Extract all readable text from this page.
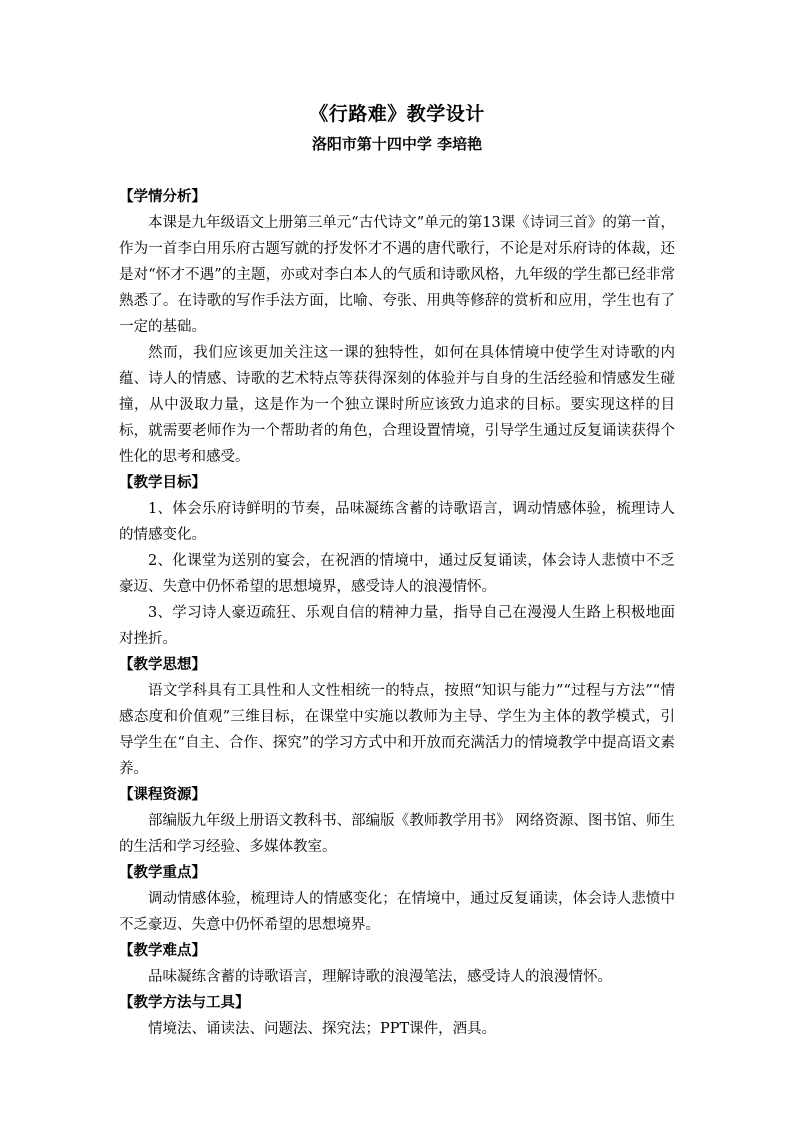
《行路难》教学设计
洛阳市第十四中学 李培艳
【学情分析】

本课是九年级语文上册第三单元“古代诗文”单元的第13课《诗词三首》的第一首，作为一首李白用乐府古题写就的抒发怀才不遇的唐代歌行，不论是对乐府诗的体裁，还是对“怀才不遇”的主题，亦或对李白本人的气质和诗歌风格，九年级的学生都已经非常熟悉了。在诗歌的写作手法方面，比喻、夸张、用典等修辞的赏析和应用，学生也有了一定的基础。

然而，我们应该更加关注这一课的独特性，如何在具体情境中使学生对诗歌的内蕴、诗人的情感、诗歌的艺术特点等获得深刻的体验并与自身的生活经验和情感发生碰撞，从中汲取力量，这是作为一个独立课时所应该致力追求的目标。要实现这样的目标，就需要老师作为一个帮助者的角色，合理设置情境，引导学生通过反复诵读获得个性化的思考和感受。

【教学目标】

1、体会乐府诗鲜明的节奏，品味凝练含蓄的诗歌语言，调动情感体验，梳理诗人的情感变化。

2、化课堂为送别的宴会，在祝酒的情境中，通过反复诵读，体会诗人悲愤中不乏豪迈、失意中仍怀希望的思想境界，感受诗人的浪漫情怀。

3、学习诗人豪迈疏狂、乐观自信的精神力量，指导自己在漫漫人生路上积极地面对挫折。

【教学思想】

语文学科具有工具性和人文性相统一的特点，按照“知识与能力”“过程与方法”“情感态度和价值观”三维目标，在课堂中实施以教师为主导、学生为主体的教学模式，引导学生在“自主、合作、探究”的学习方式中和开放而充满活力的情境教学中提高语文素养。

【课程资源】

部编版九年级上册语文教科书、部编版《教师教学用书》 网络资源、图书馆、师生的生活和学习经验、多媒体教室。

【教学重点】

调动情感体验，梳理诗人的情感变化；在情境中，通过反复诵读，体会诗人悲愤中不乏豪迈、失意中仍怀希望的思想境界。

【教学难点】

品味凝练含蓄的诗歌语言，理解诗歌的浪漫笔法，感受诗人的浪漫情怀。

【教学方法与工具】

情境法、诵读法、问题法、探究法；PPT课件，酒具。
